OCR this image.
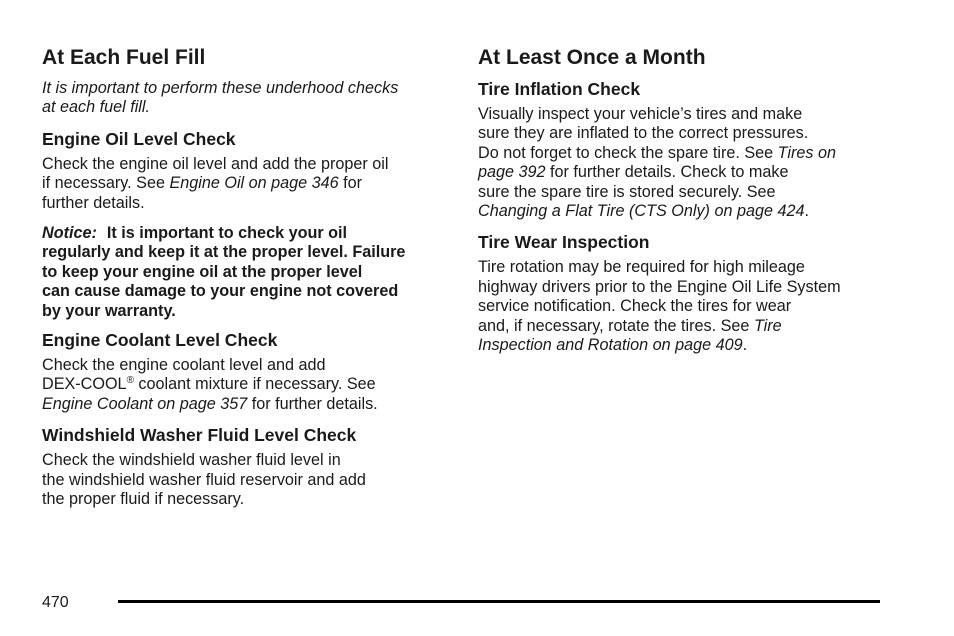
At Each Fuel Fill

It is important to perform these underhood checks
at each fuel fill.

Engine Oil Level Check

Check the engine oil level and add the proper oil
if necessary. See Engine Oil on page 346 for
further details.

Notice: It is important to check your oil
regularly and keep it at the proper level. Failure
to keep your engine oil at the proper level
can cause damage to your engine not covered
by your warranty.

Engine Coolant Level Check

Check the engine coolant level and add
DEX-COOL® coolant mixture if necessary. See
Engine Coolant on page 357 for further details.

Windshield Washer Fluid Level Check

Check the windshield washer fluid level in
the windshield washer fluid reservoir and add
the proper fluid if necessary.

At Least Once a Month
Tire Inflation Check

Visually inspect your vehicle’s tires and make
sure they are inflated to the correct pressures.
Do not forget to check the spare tire. See Tires on
page 392 for further details. Check to make
sure the spare tire is stored securely. See
Changing a Flat Tire (CTS Only) on page 424.

Tire Wear Inspection

Tire rotation may be required for high mileage
highway drivers prior to the Engine Oil Life System
service notification. Check the tires for wear
and, if necessary, rotate the tires. See Tire
Inspection and Rotation on page 409.

470
